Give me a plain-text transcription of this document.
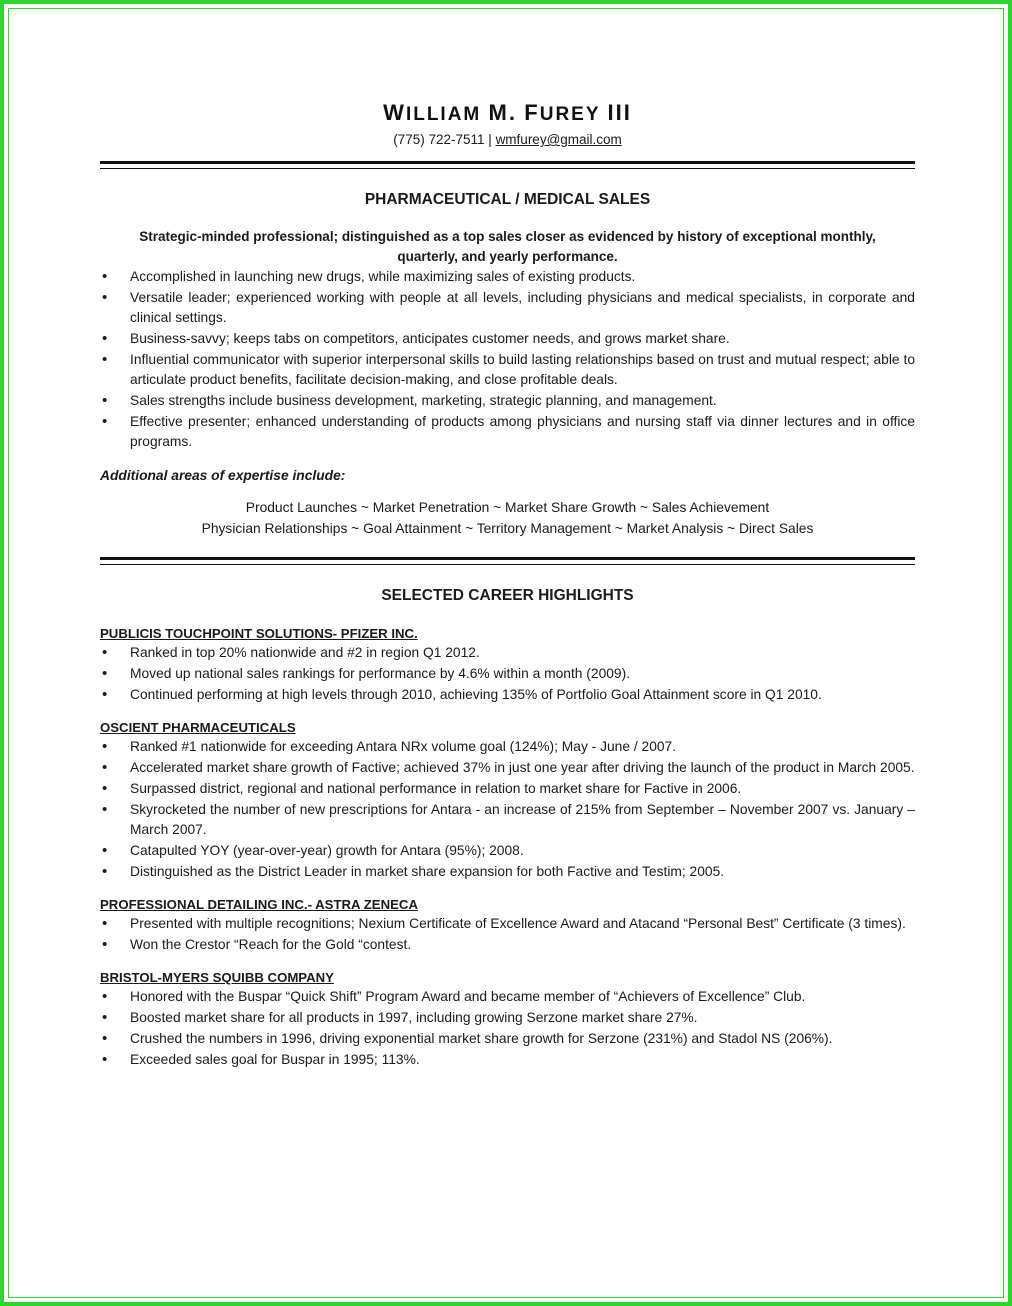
WILLIAM M. FUREY III
(775) 722-7511 | wmfurey@gmail.com
PHARMACEUTICAL / MEDICAL SALES
Strategic-minded professional; distinguished as a top sales closer as evidenced by history of exceptional monthly, quarterly, and yearly performance.
• Accomplished in launching new drugs, while maximizing sales of existing products.
• Versatile leader; experienced working with people at all levels, including physicians and medical specialists, in corporate and clinical settings.
• Business-savvy; keeps tabs on competitors, anticipates customer needs, and grows market share.
• Influential communicator with superior interpersonal skills to build lasting relationships based on trust and mutual respect; able to articulate product benefits, facilitate decision-making, and close profitable deals.
• Sales strengths include business development, marketing, strategic planning, and management.
• Effective presenter; enhanced understanding of products among physicians and nursing staff via dinner lectures and in office programs.
Additional areas of expertise include:
Product Launches ~ Market Penetration ~ Market Share Growth ~ Sales Achievement
Physician Relationships ~ Goal Attainment ~ Territory Management ~ Market Analysis ~ Direct Sales
SELECTED CAREER HIGHLIGHTS
PUBLICIS TOUCHPOINT SOLUTIONS- PFIZER INC.
• Ranked in top 20% nationwide and #2 in region Q1 2012.
• Moved up national sales rankings for performance by 4.6% within a month (2009).
• Continued performing at high levels through 2010, achieving 135% of Portfolio Goal Attainment score in Q1 2010.
OSCIENT PHARMACEUTICALS
• Ranked #1 nationwide for exceeding Antara NRx volume goal (124%); May - June / 2007.
• Accelerated market share growth of Factive; achieved 37% in just one year after driving the launch of the product in March 2005.
• Surpassed district, regional and national performance in relation to market share for Factive in 2006.
• Skyrocketed the number of new prescriptions for Antara - an increase of 215% from September – November 2007 vs. January – March 2007.
• Catapulted YOY (year-over-year) growth for Antara (95%); 2008.
• Distinguished as the District Leader in market share expansion for both Factive and Testim; 2005.
PROFESSIONAL DETAILING INC.- ASTRA ZENECA
• Presented with multiple recognitions; Nexium Certificate of Excellence Award and Atacand “Personal Best” Certificate (3 times).
• Won the Crestor “Reach for the Gold “contest.
BRISTOL-MYERS SQUIBB COMPANY
• Honored with the Buspar “Quick Shift” Program Award and became member of “Achievers of Excellence” Club.
• Boosted market share for all products in 1997, including growing Serzone market share 27%.
• Crushed the numbers in 1996, driving exponential market share growth for Serzone (231%) and Stadol NS (206%).
• Exceeded sales goal for Buspar in 1995; 113%.
